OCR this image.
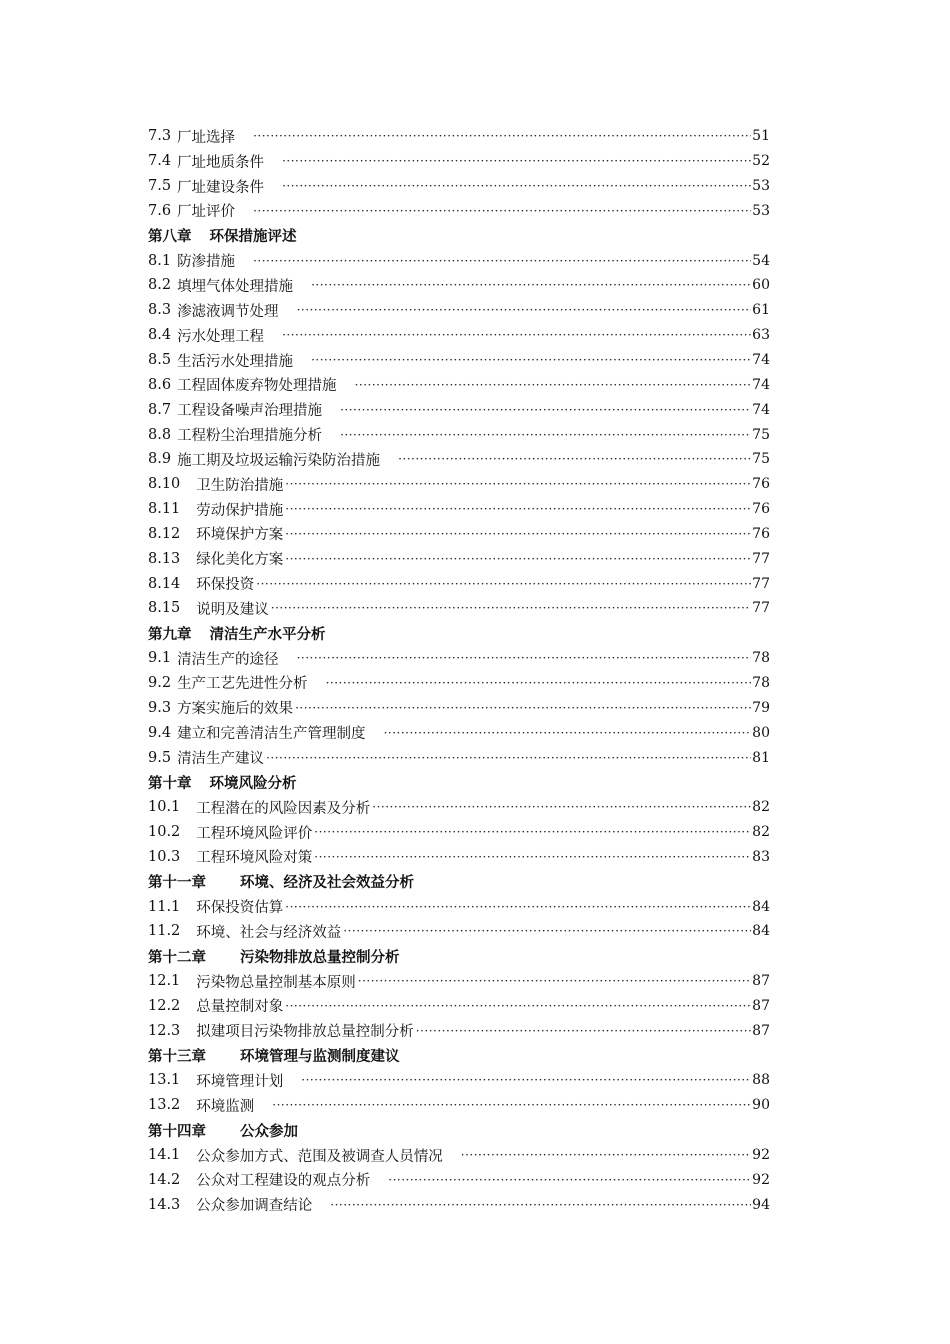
7.3 厂址选择 ·····	51
7.4 厂址地质条件 ·····	52
7.5 厂址建设条件 ·····	53
7.6 厂址评价 ·····	53
第八章 环保措施评述
8.1 防渗措施 ·····	54
8.2 填埋气体处理措施 ·····	60
8.3 渗滤液调节处理 ·····	61
8.4 污水处理工程 ·····	63
8.5 生活污水处理措施 ·····	74
8.6 工程固体废弃物处理措施 ·····	74
8.7 工程设备噪声治理措施 ·····	74
8.8 工程粉尘治理措施分析 ·····	75
8.9 施工期及垃圾运输污染防治措施 ·····	75
8.10 卫生防治措施 ·····	76
8.11 劳动保护措施 ·····	76
8.12 环境保护方案 ·····	76
8.13 绿化美化方案 ·····	77
8.14 环保投资 ·····	77
8.15 说明及建议 ·····	77
第九章 清洁生产水平分析
9.1 清洁生产的途径 ·····	78
9.2 生产工艺先进性分析 ·····	78
9.3 方案实施后的效果 ·····	79
9.4 建立和完善清洁生产管理制度 ·····	80
9.5 清洁生产建议 ·····	81
第十章 环境风险分析
10.1 工程潜在的风险因素及分析 ·····	82
10.2 工程环境风险评价 ·····	82
10.3 工程环境风险对策 ·····	83
第十一章 环境、经济及社会效益分析
11.1 环保投资估算 ·····	84
11.2 环境、社会与经济效益 ·····	84
第十二章 污染物排放总量控制分析
12.1 污染物总量控制基本原则 ·····	87
12.2 总量控制对象 ·····	87
12.3 拟建项目污染物排放总量控制分析 ·····	87
第十三章 环境管理与监测制度建议
13.1 环境管理计划 ·····	88
13.2 环境监测 ·····	90
第十四章 公众参加
14.1 公众参加方式、范围及被调查人员情况 ·····	92
14.2 公众对工程建设的观点分析 ·····	92
14.3 公众参加调查结论 ·····	94
